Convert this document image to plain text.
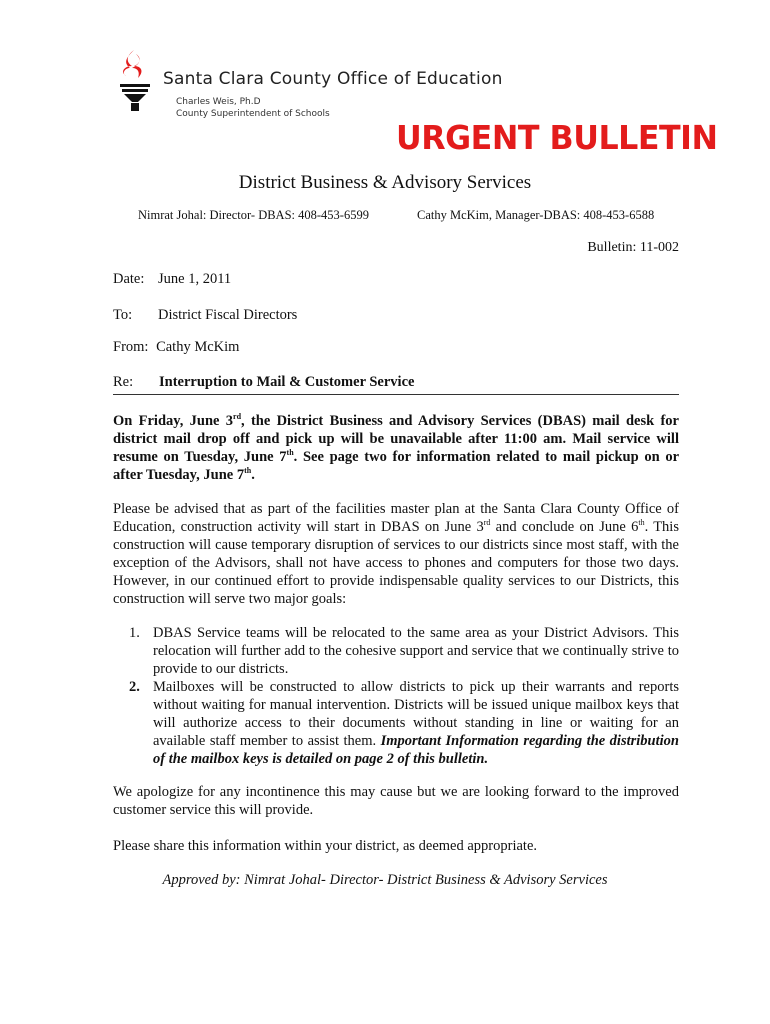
Santa Clara County Office of Education
Charles Weis, Ph.D
County Superintendent of Schools
URGENT BULLETIN
District Business & Advisory Services
Nimrat Johal: Director- DBAS: 408-453-6599	Cathy McKim, Manager-DBAS: 408-453-6588
Bulletin: 11-002
Date: June 1, 2011
To: District Fiscal Directors
From: Cathy McKim
Re: Interruption to Mail & Customer Service
On Friday, June 3rd, the District Business and Advisory Services (DBAS) mail desk for district mail drop off and pick up will be unavailable after 11:00 am. Mail service will resume on Tuesday, June 7th. See page two for information related to mail pickup on or after Tuesday, June 7th.
Please be advised that as part of the facilities master plan at the Santa Clara County Office of Education, construction activity will start in DBAS on June 3rd and conclude on June 6th. This construction will cause temporary disruption of services to our districts since most staff, with the exception of the Advisors, shall not have access to phones and computers for those two days. However, in our continued effort to provide indispensable quality services to our Districts, this construction will serve two major goals:
1. DBAS Service teams will be relocated to the same area as your District Advisors. This relocation will further add to the cohesive support and service that we continually strive to provide to our districts.
2. Mailboxes will be constructed to allow districts to pick up their warrants and reports without waiting for manual intervention. Districts will be issued unique mailbox keys that will authorize access to their documents without standing in line or waiting for an available staff member to assist them. Important Information regarding the distribution of the mailbox keys is detailed on page 2 of this bulletin.
We apologize for any incontinence this may cause but we are looking forward to the improved customer service this will provide.
Please share this information within your district, as deemed appropriate.
Approved by: Nimrat Johal- Director- District Business & Advisory Services
